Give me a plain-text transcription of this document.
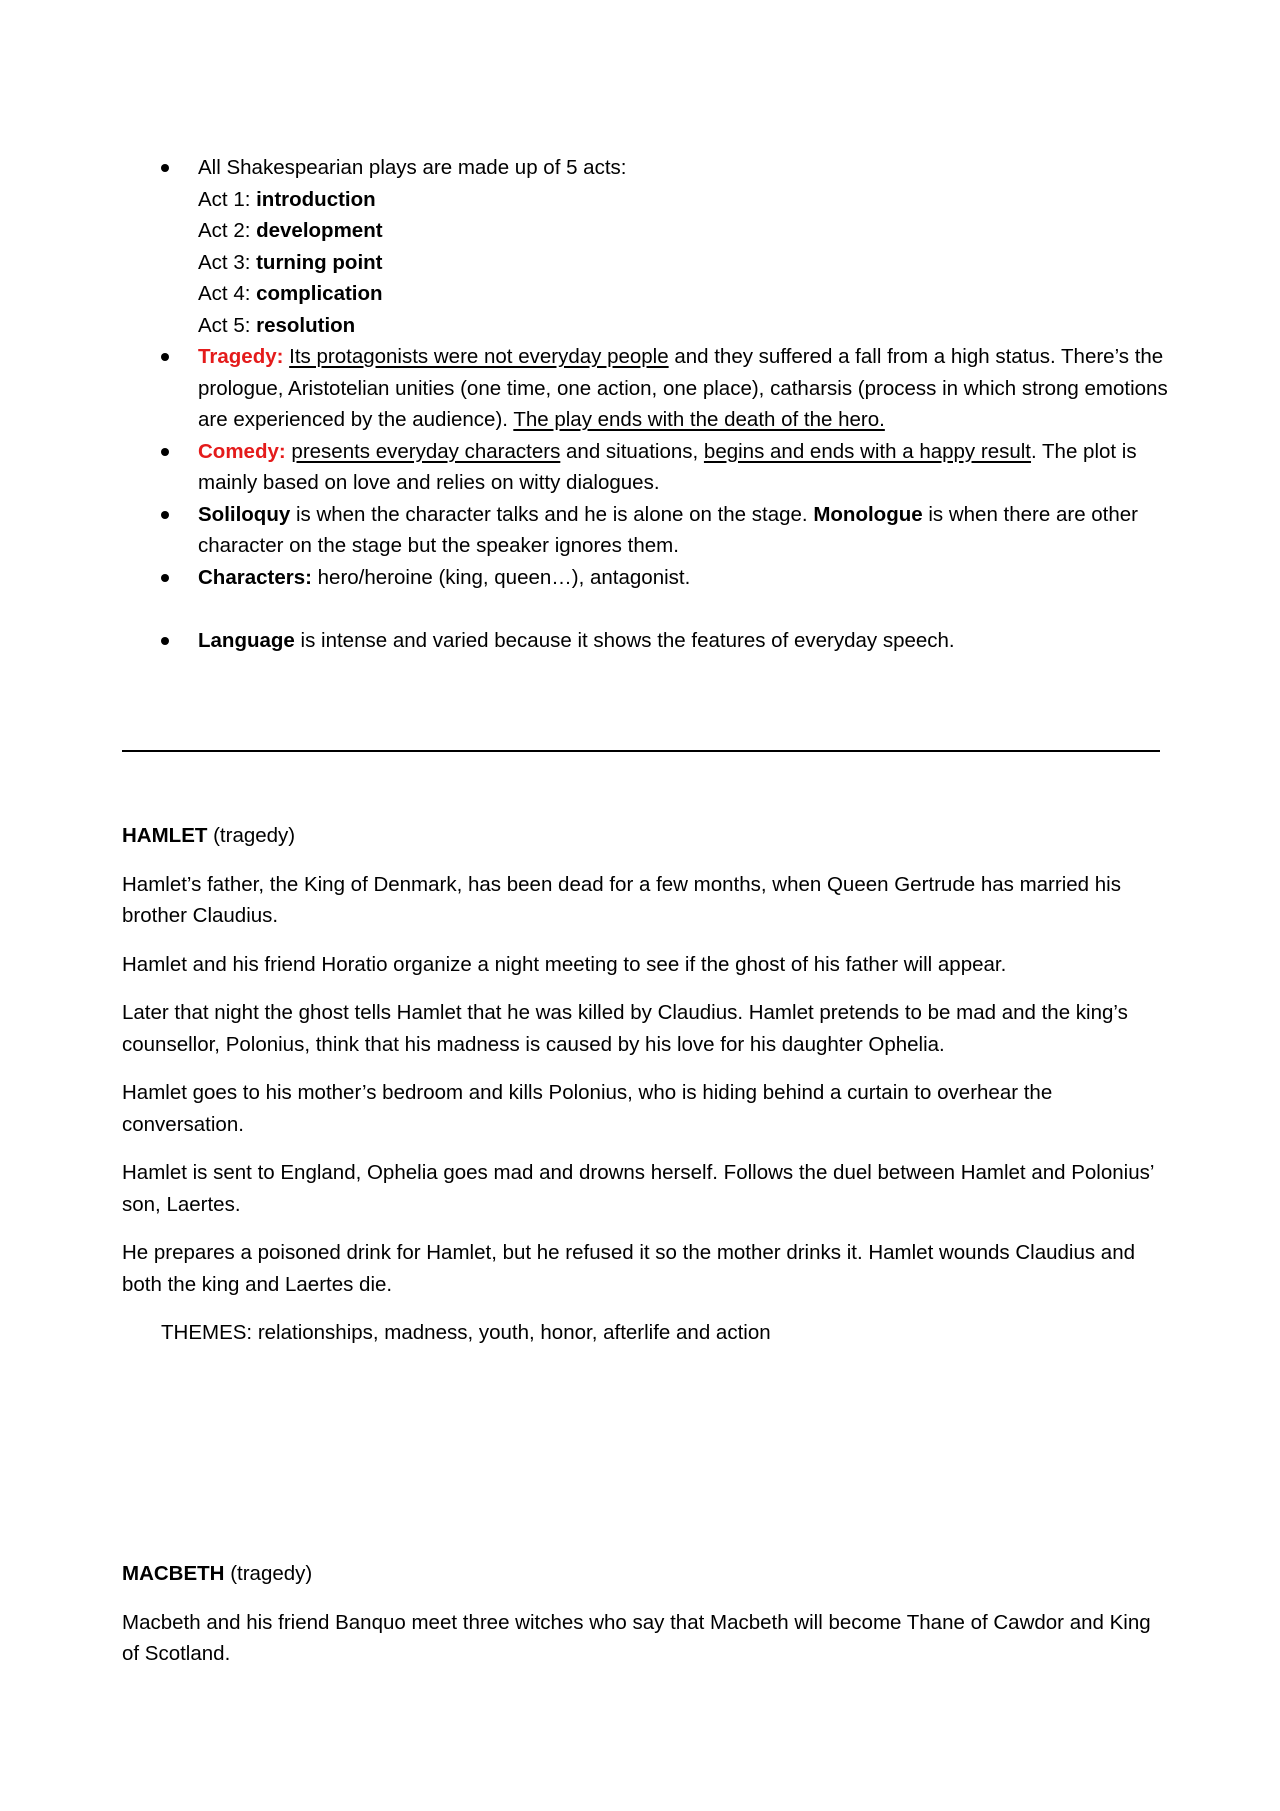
All Shakespearian plays are made up of 5 acts:
Act 1: introduction
Act 2: development
Act 3: turning point
Act 4: complication
Act 5: resolution
Tragedy: Its protagonists were not everyday people and they suffered a fall from a high status. There’s the prologue, Aristotelian unities (one time, one action, one place), catharsis (process in which strong emotions are experienced by the audience). The play ends with the death of the hero.
Comedy: presents everyday characters and situations, begins and ends with a happy result. The plot is mainly based on love and relies on witty dialogues.
Soliloquy is when the character talks and he is alone on the stage. Monologue is when there are other character on the stage but the speaker ignores them.
Characters: hero/heroine (king, queen…), antagonist.
Language is intense and varied because it shows the features of everyday speech.

HAMLET (tragedy)

Hamlet’s father, the King of Denmark, has been dead for a few months, when Queen Gertrude has married his brother Claudius.

Hamlet and his friend Horatio organize a night meeting to see if the ghost of his father will appear.

Later that night the ghost tells Hamlet that he was killed by Claudius. Hamlet pretends to be mad and the king’s counsellor, Polonius, think that his madness is caused by his love for his daughter Ophelia.

Hamlet goes to his mother’s bedroom and kills Polonius, who is hiding behind a curtain to overhear the conversation.

Hamlet is sent to England, Ophelia goes mad and drowns herself. Follows the duel between Hamlet and Polonius’ son, Laertes.

He prepares a poisoned drink for Hamlet, but he refused it so the mother drinks it. Hamlet wounds Claudius and both the king and Laertes die.

THEMES: relationships, madness, youth, honor, afterlife and action

MACBETH (tragedy)

Macbeth and his friend Banquo meet three witches who say that Macbeth will become Thane of Cawdor and King of Scotland.
